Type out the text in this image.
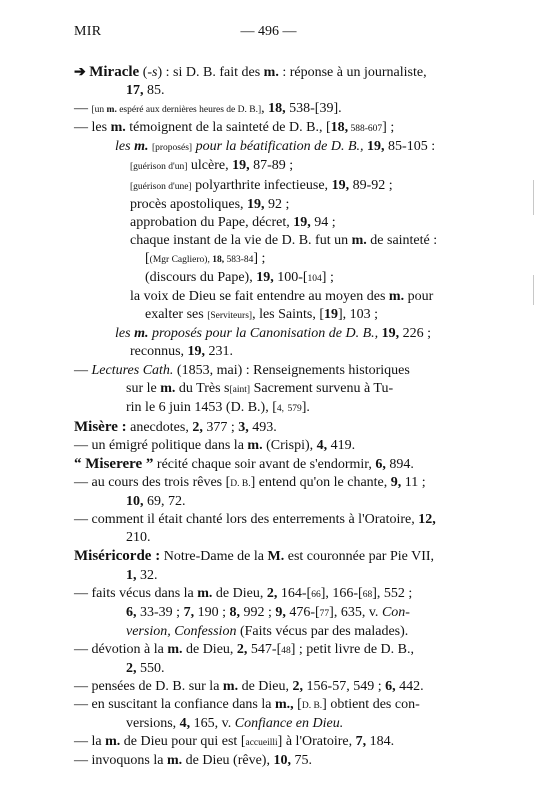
MIR	— 496 —
➔ Miracle (-s) : si D. B. fait des m. : réponse à un journaliste,
17, 85.
— [un m. espéré aux dernières heures de D. B.], 18, 538-[39].
— les m. témoignent de la sainteté de D. B., [18, 588-607] ;
les m. [proposés] pour la béatification de D. B., 19, 85-105 :
[guérison d'un] ulcère, 19, 87-89 ;
[guérison d'une] polyarthrite infectieuse, 19, 89-92 ;
procès apostoliques, 19, 92 ;
approbation du Pape, décret, 19, 94 ;
chaque instant de la vie de D. B. fut un m. de sainteté :
[(Mgr Cagliero), 18, 583-84] ;
(discours du Pape), 19, 100-[104] ;
la voix de Dieu se fait entendre au moyen des m. pour
exalter ses [Serviteurs], les Saints, [19], 103 ;
les m. proposés pour la Canonisation de D. B., 19, 226 ;
reconnus, 19, 231.
— Lectures Cath. (1853, mai) : Renseignements historiques
sur le m. du Très s[aint] Sacrement survenu à Tu-
rin le 6 juin 1453 (D. B.), [4, 579].
Misère : anecdotes, 2, 377 ; 3, 493.
— un émigré politique dans la m. (Crispi), 4, 419.
“ Miserere ” récité chaque soir avant de s'endormir, 6, 894.
— au cours des trois rêves [D. B.] entend qu'on le chante, 9, 11 ;
10, 69, 72.
— comment il était chanté lors des enterrements à l'Oratoire, 12,
210.
Miséricorde : Notre-Dame de la M. est couronnée par Pie VII,
1, 32.
— faits vécus dans la m. de Dieu, 2, 164-[66], 166-[68], 552 ;
6, 33-39 ; 7, 190 ; 8, 992 ; 9, 476-[77], 635, v. Con-
version, Confession (Faits vécus par des malades).
— dévotion à la m. de Dieu, 2, 547-[48] ; petit livre de D. B.,
2, 550.
— pensées de D. B. sur la m. de Dieu, 2, 156-57, 549 ; 6, 442.
— en suscitant la confiance dans la m., [D. B.] obtient des con-
versions, 4, 165, v. Confiance en Dieu.
— la m. de Dieu pour qui est [accueilli] à l'Oratoire, 7, 184.
— invoquons la m. de Dieu (rêve), 10, 75.
